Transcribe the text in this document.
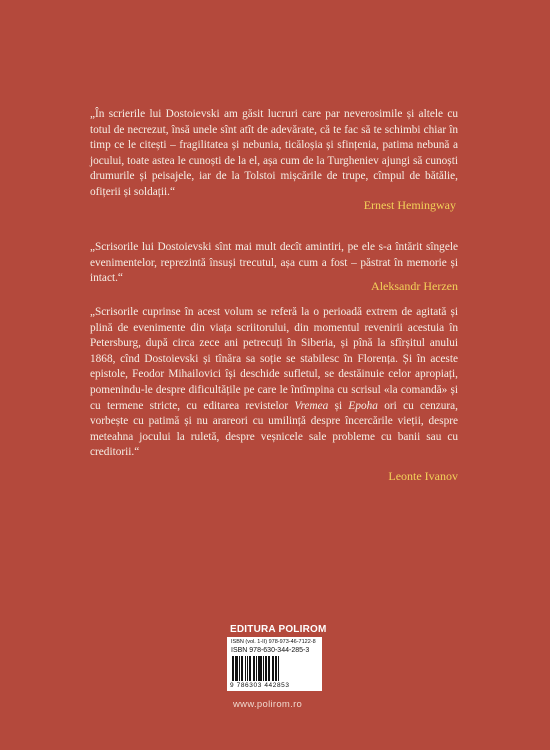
„În scrierile lui Dostoievski am găsit lucruri care par neverosimile și altele cu totul de necrezut, însă unele sînt atît de adevărate, că te fac să te schimbi chiar în timp ce le citești – fragilitatea și nebunia, ticăloșia și sfințenia, patima nebună a jocului, toate astea le cunoști de la el, așa cum de la Turgheniev ajungi să cunoști drumurile și peisajele, iar de la Tolstoi mișcările de trupe, cîmpul de bătălie, ofițerii și soldații.“

Ernest Hemingway

„Scrisorile lui Dostoievski sînt mai mult decît amintiri, pe ele s-a întărit sîngele evenimentelor, reprezintă însuși trecutul, așa cum a fost – păstrat în memorie și intact.“

Aleksandr Herzen

„Scrisorile cuprinse în acest volum se referă la o perioadă extrem de agitată și plină de evenimente din viața scriitorului, din momentul revenirii acestuia în Petersburg, după circa zece ani petrecuți în Siberia, și pînă la sfîrșitul anului 1868, cînd Dostoievski și tînăra sa soție se stabilesc în Florența. Și în aceste epistole, Feodor Mihailovici își deschide sufletul, se destăinuie celor apropiați, pomenindu-le despre dificultățile pe care le întîmpina cu scrisul «la comandă» și cu termene stricte, cu editarea revistelor Vremea și Epoha ori cu cenzura, vorbește cu patimă și nu arareori cu umilință despre încercările vieții, despre meteahna jocului la ruletă, despre veșnicele sale probleme cu banii sau cu creditorii.“

Leonte Ivanov

EDITURA POLIROM
ISBN (vol. 1-II) 978-973-46-7122-8
ISBN 978-630-344-285-3
9 786303 442853
www.polirom.ro
